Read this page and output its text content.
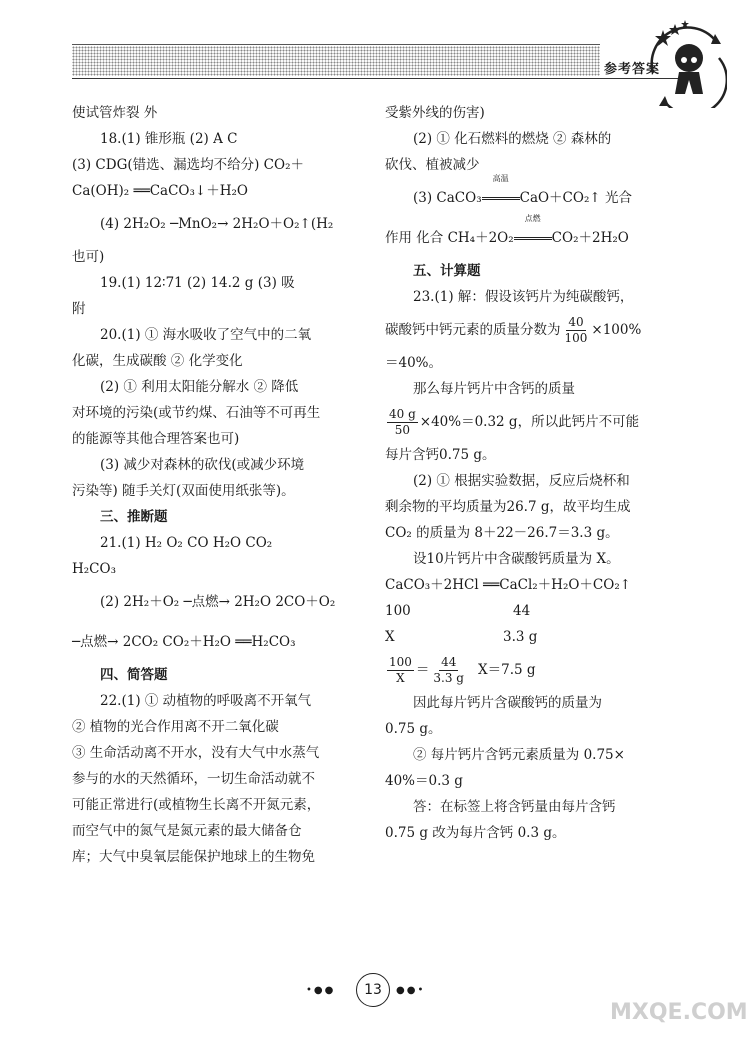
参考答案
使试管炸裂 外
18.(1) 锥形瓶 (2) A C
(3) CDG(错选、漏选均不给分) CO₂＋
Ca(OH)₂ ══CaCO₃↓＋H₂O
(4) 2H₂O₂ ─MnO₂→ 2H₂O＋O₂↑(H₂
也可)
19.(1) 12∶71 (2) 14.2 g (3) 吸
附
20.(1) ① 海水吸收了空气中的二氧
化碳，生成碳酸 ② 化学变化
(2) ① 利用太阳能分解水 ② 降低
对环境的污染(或节约煤、石油等不可再生
的能源等其他合理答案也可)
(3) 减少对森林的砍伐(或减少环境
污染等) 随手关灯(双面使用纸张等)。
三、推断题
21.(1) H₂ O₂ CO H₂O CO₂
H₂CO₃
(2) 2H₂＋O₂ ─点燃→ 2H₂O 2CO＋O₂
─点燃→ 2CO₂ CO₂＋H₂O ══H₂CO₃
四、简答题
22.(1) ① 动植物的呼吸离不开氧气
② 植物的光合作用离不开二氧化碳
③ 生命活动离不开水，没有大气中水蒸气
参与的水的天然循环，一切生命活动就不
可能正常进行(或植物生长离不开氮元素，
而空气中的氮气是氮元素的最大储备仓
库；大气中臭氧层能保护地球上的生物免
受紫外线的伤害)
(2) ① 化石燃料的燃烧 ② 森林的
砍伐、植被减少
(3) CaCO₃
高温
CaO＋CO₂↑ 光合
作用 化合 CH₄＋2O₂
点燃
CO₂＋2H₂O
五、计算题
23.(1) 解：假设该钙片为纯碳酸钙，
碳酸钙中钙元素的质量分数为 $\frac{40}{100} \times 100\%$
＝40%。
那么每片钙片中含钙的质量
$\frac{40 g}{50} \times 40\%=0.32$ g，所以此钙片不可能
每片含钙0.75 g。
(2) ① 根据实验数据，反应后烧杯和
剩余物的平均质量为26.7 g，故平均生成
CO₂ 的质量为 8＋22－26.7＝3.3 g。
设10片钙片中含碳酸钙质量为 X。
CaCO₃＋2HCl ══CaCl₂＋H₂O＋CO₂↑
100	44
X	3.3 g
$\frac{100}{X} = \frac{44}{3.3 g} X=7.5$ g
因此每片钙片含碳酸钙的质量为
0.75 g。
② 每片钙片含钙元素质量为 0.75×
40%＝0.3 g
答：在标签上将含钙量由每片含钙
0.75 g 改为每片含钙 0.3 g。
•●●	13	●●•
MXQE.COM
